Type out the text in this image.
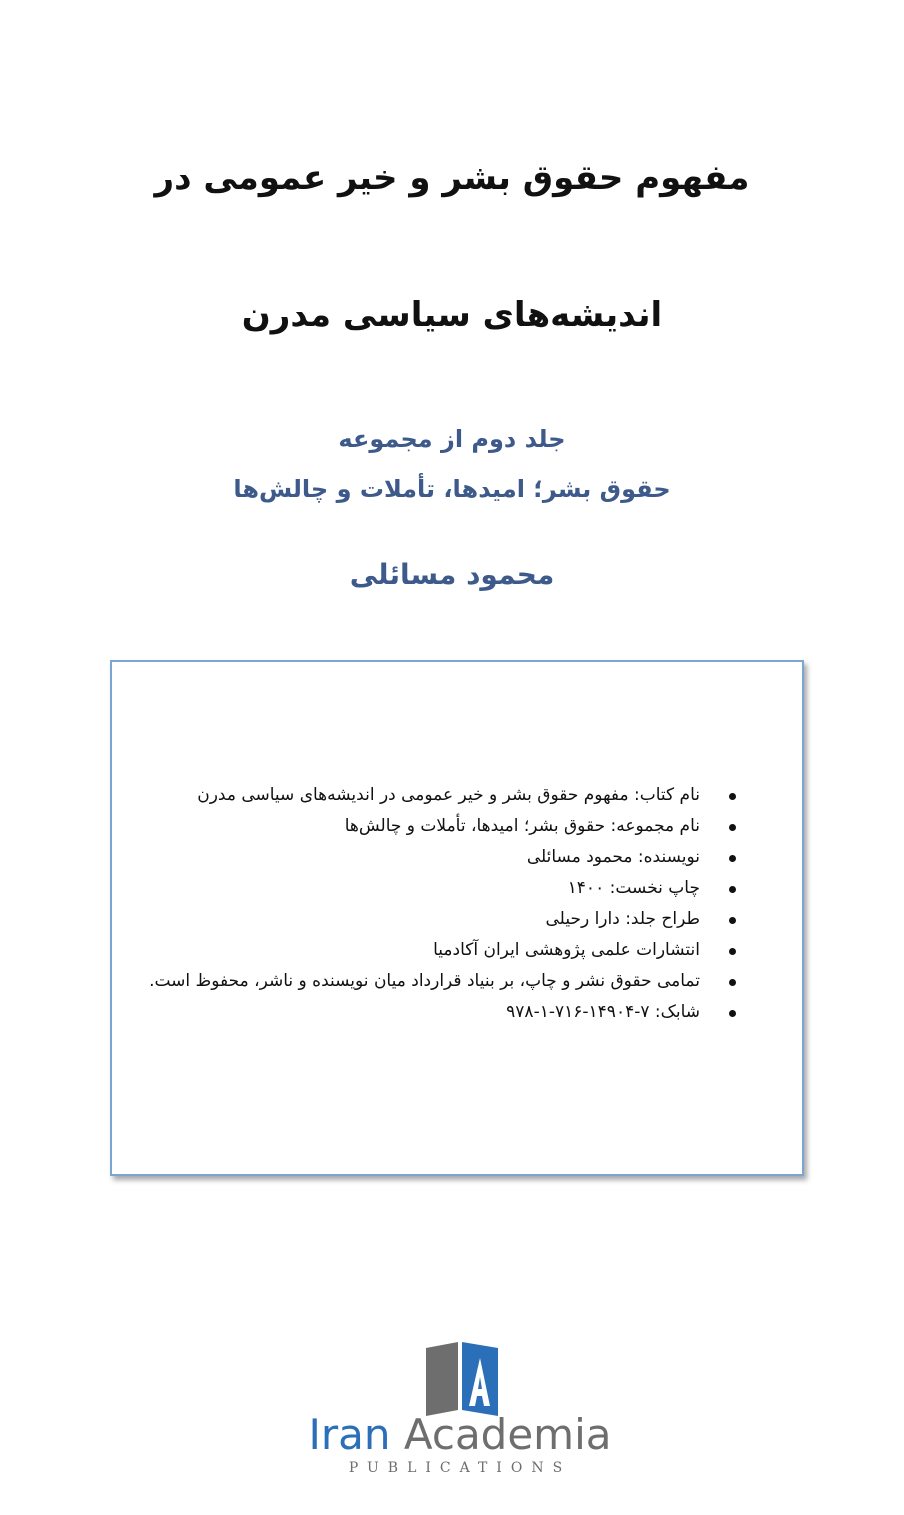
مفهوم حقوق بشر و خیر عمومی در
اندیشه‌های سیاسی مدرن
جلد دوم از مجموعه
حقوق بشر؛ امیدها، تأملات و چالش‌ها
محمود مسائلی
نام کتاب: مفهوم حقوق بشر و خیر عمومی در اندیشه‌های سیاسی مدرن
نام مجموعه: حقوق بشر؛ امیدها، تأملات و چالش‌ها
نویسنده: محمود مسائلی
چاپ نخست: ۱۴۰۰
طراح جلد: دارا رحیلی
انتشارات علمی پژوهشی ایران آکادمیا
تمامی حقوق نشر و چاپ، بر بنیاد قرارداد میان نویسنده و ناشر، محفوظ است.
شابک: ۷-۱۴۹۰۴-۷۱۶-۱-۹۷۸
Iran Academia
PUBLICATIONS
